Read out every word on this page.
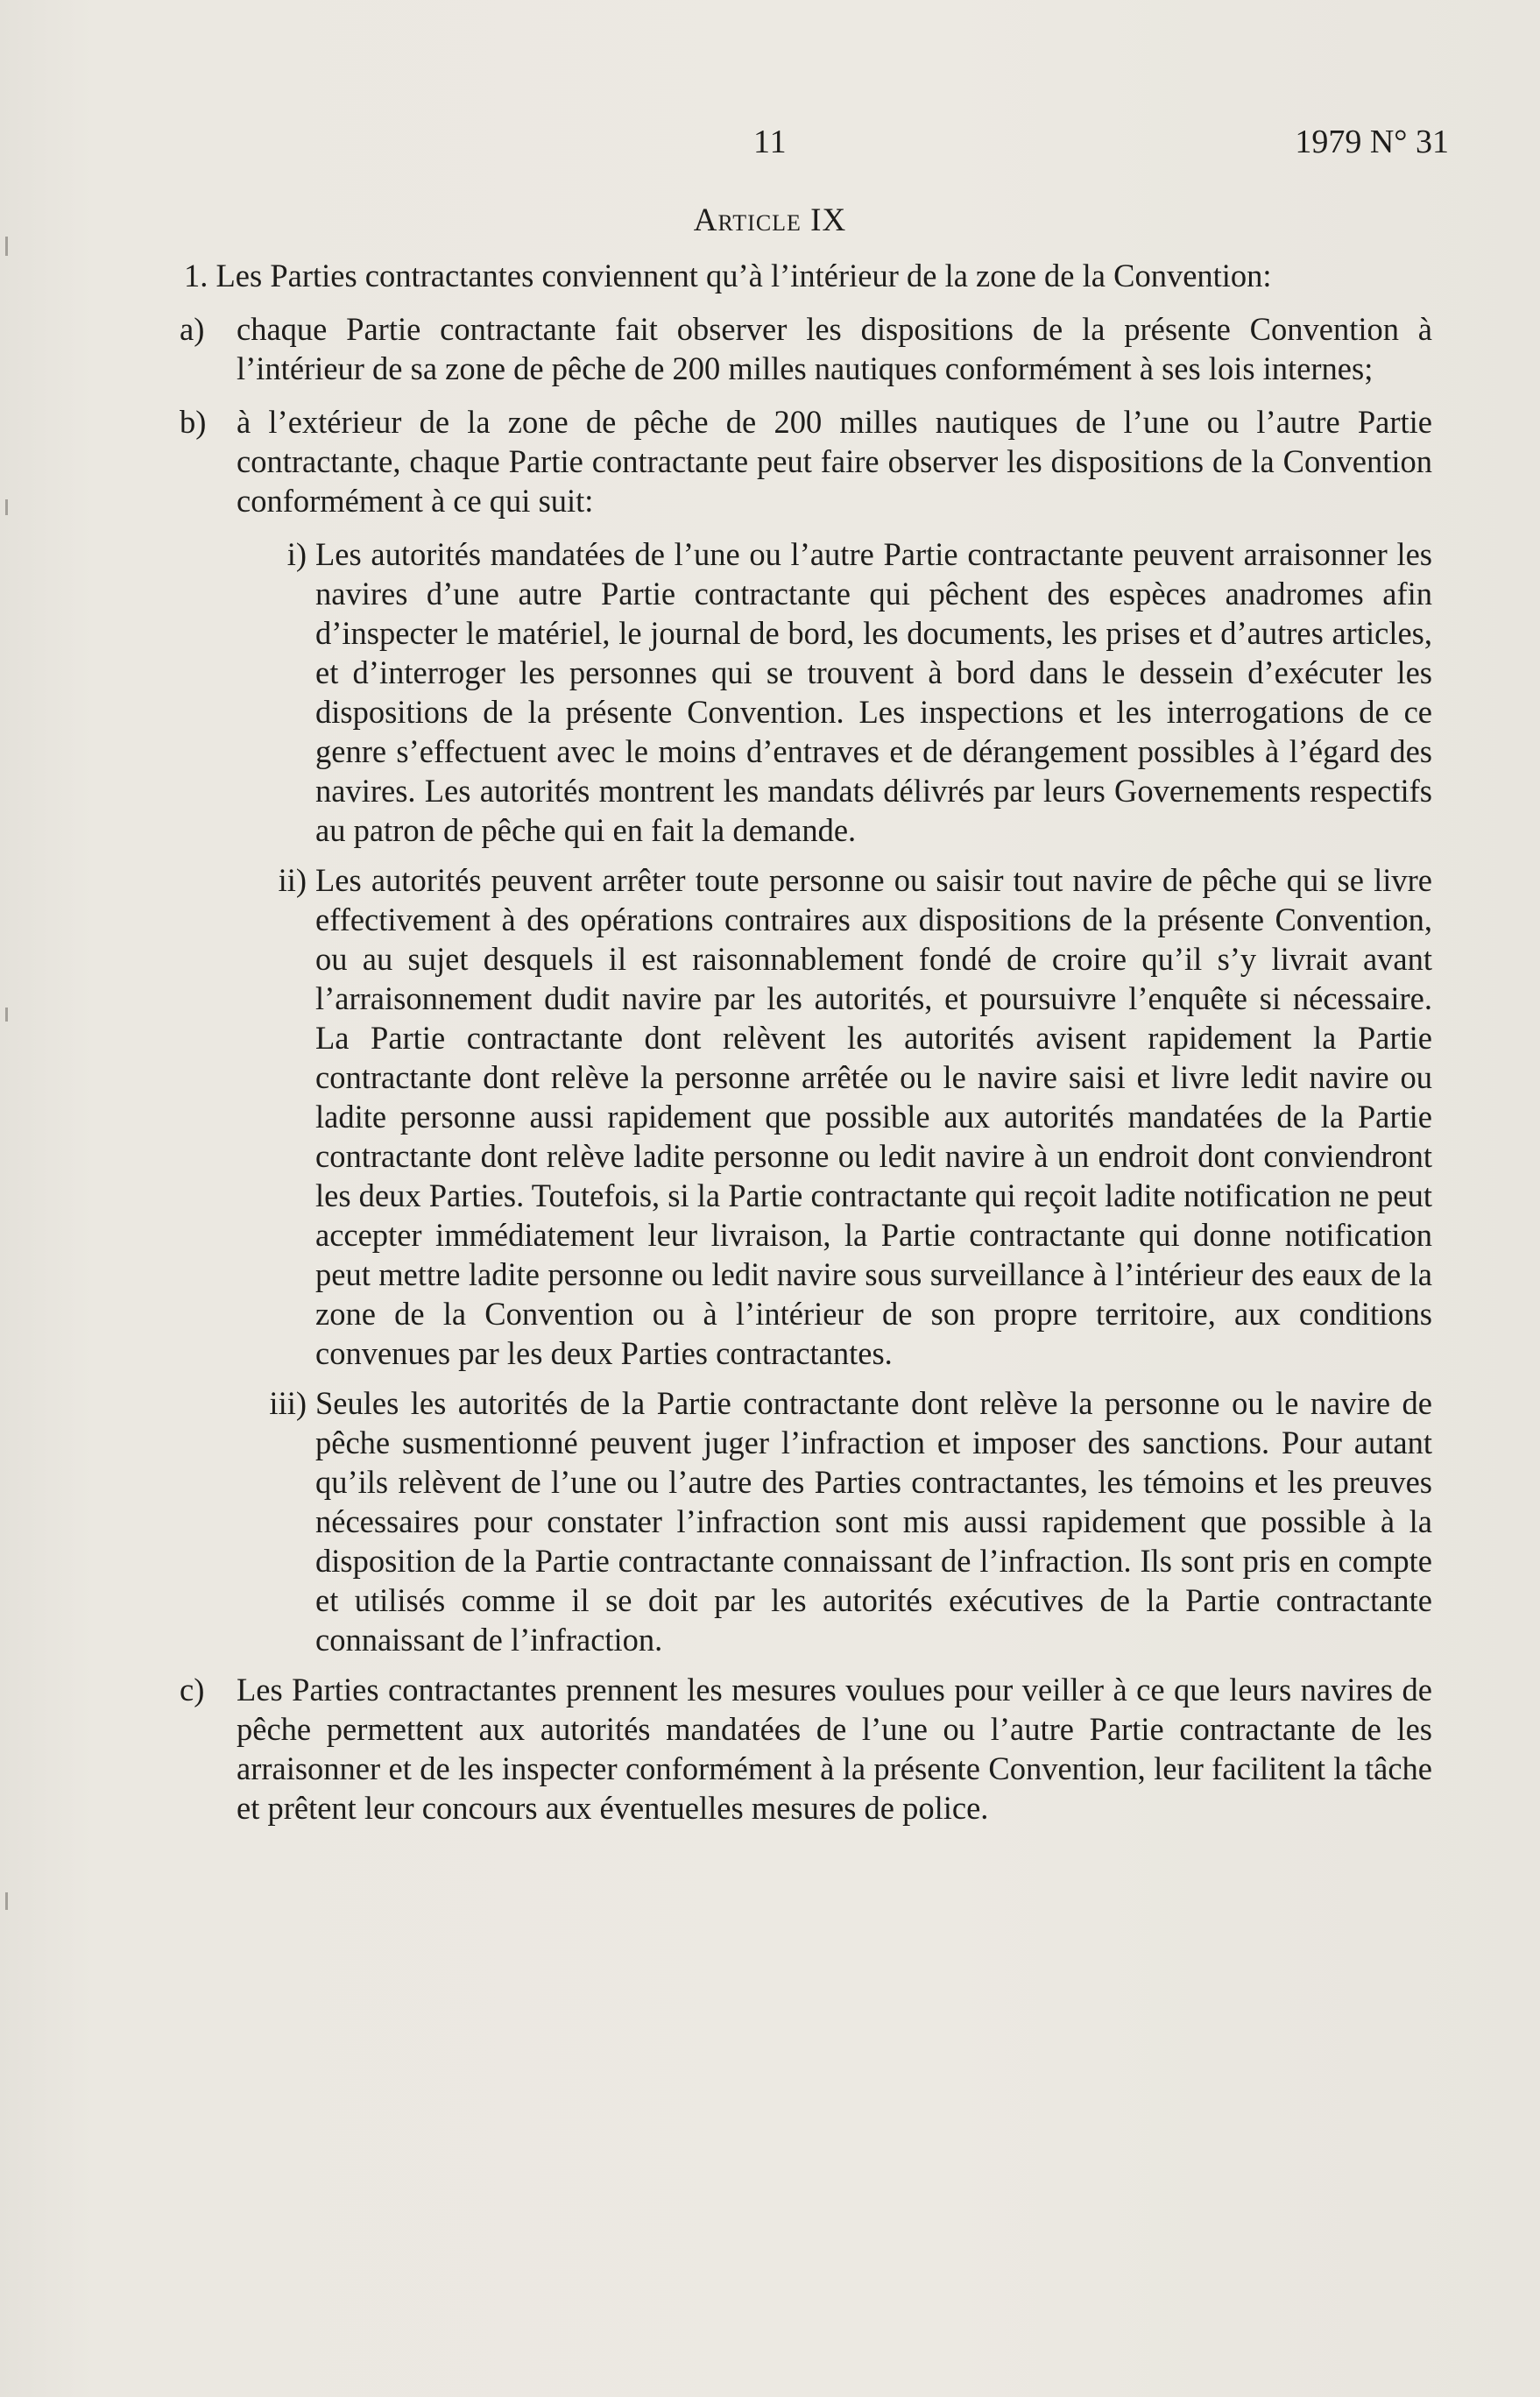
11	1979 N° 31
Article IX

1. Les Parties contractantes conviennent qu’à l’intérieur de la zone de la Convention:

a) chaque Partie contractante fait observer les dispositions de la présente Convention à l’intérieur de sa zone de pêche de 200 milles nautiques conformément à ses lois internes;
b) à l’extérieur de la zone de pêche de 200 milles nautiques de l’une ou l’autre Partie contractante, chaque Partie contractante peut faire observer les dispositions de la Convention conformément à ce qui suit:
i) Les autorités mandatées de l’une ou l’autre Partie contractante peuvent arraisonner les navires d’une autre Partie contractante qui pêchent des espèces anadromes afin d’inspecter le matériel, le journal de bord, les documents, les prises et d’autres articles, et d’interroger les personnes qui se trouvent à bord dans le dessein d’exécuter les dispositions de la présente Convention. Les inspections et les interrogations de ce genre s’effectuent avec le moins d’entraves et de dérangement possibles à l’égard des navires. Les autorités montrent les mandats délivrés par leurs Governements respectifs au patron de pêche qui en fait la demande.
ii) Les autorités peuvent arrêter toute personne ou saisir tout navire de pêche qui se livre effectivement à des opérations contraires aux dispositions de la présente Convention, ou au sujet desquels il est raisonnablement fondé de croire qu’il s’y livrait avant l’arraisonnement dudit navire par les autorités, et poursuivre l’enquête si nécessaire. La Partie contractante dont relèvent les autorités avisent rapidement la Partie contractante dont relève la personne arrêtée ou le navire saisi et livre ledit navire ou ladite personne aussi rapidement que possible aux autorités mandatées de la Partie contractante dont relève ladite personne ou ledit navire à un endroit dont conviendront les deux Parties. Toutefois, si la Partie contractante qui reçoit ladite notification ne peut accepter immédiatement leur livraison, la Partie contractante qui donne notification peut mettre ladite personne ou ledit navire sous surveillance à l’intérieur des eaux de la zone de la Convention ou à l’intérieur de son propre territoire, aux conditions convenues par les deux Parties contractantes.
iii) Seules les autorités de la Partie contractante dont relève la personne ou le navire de pêche susmentionné peuvent juger l’infraction et imposer des sanctions. Pour autant qu’ils relèvent de l’une ou l’autre des Parties contractantes, les témoins et les preuves nécessaires pour constater l’infraction sont mis aussi rapidement que possible à la disposition de la Partie contractante connaissant de l’infraction. Ils sont pris en compte et utilisés comme il se doit par les autorités exécutives de la Partie contractante connaissant de l’infraction.
c) Les Parties contractantes prennent les mesures voulues pour veiller à ce que leurs navires de pêche permettent aux autorités mandatées de l’une ou l’autre Partie contractante de les arraisonner et de les inspecter conformément à la présente Convention, leur facilitent la tâche et prêtent leur concours aux éventuelles mesures de police.
